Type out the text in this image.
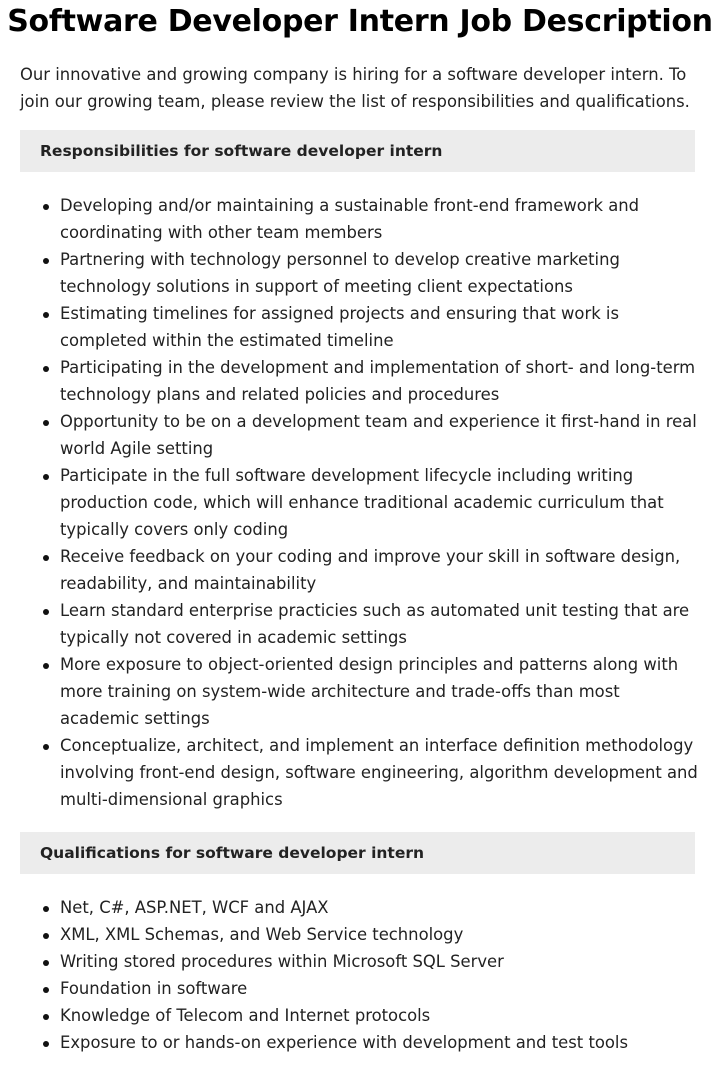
Software Developer Intern Job Description

Our innovative and growing company is hiring for a software developer intern. To join our growing team, please review the list of responsibilities and qualifications.

Responsibilities for software developer intern
Developing and/or maintaining a sustainable front-end framework and coordinating with other team members
Partnering with technology personnel to develop creative marketing technology solutions in support of meeting client expectations
Estimating timelines for assigned projects and ensuring that work is completed within the estimated timeline
Participating in the development and implementation of short- and long-term technology plans and related policies and procedures
Opportunity to be on a development team and experience it first-hand in real world Agile setting
Participate in the full software development lifecycle including writing production code, which will enhance traditional academic curriculum that typically covers only coding
Receive feedback on your coding and improve your skill in software design, readability, and maintainability
Learn standard enterprise practicies such as automated unit testing that are typically not covered in academic settings
More exposure to object-oriented design principles and patterns along with more training on system-wide architecture and trade-offs than most academic settings
Conceptualize, architect, and implement an interface definition methodology involving front-end design, software engineering, algorithm development and multi-dimensional graphics
Qualifications for software developer intern
Net, C#, ASP.NET, WCF and AJAX
XML, XML Schemas, and Web Service technology
Writing stored procedures within Microsoft SQL Server
Foundation in software
Knowledge of Telecom and Internet protocols
Exposure to or hands-on experience with development and test tools
